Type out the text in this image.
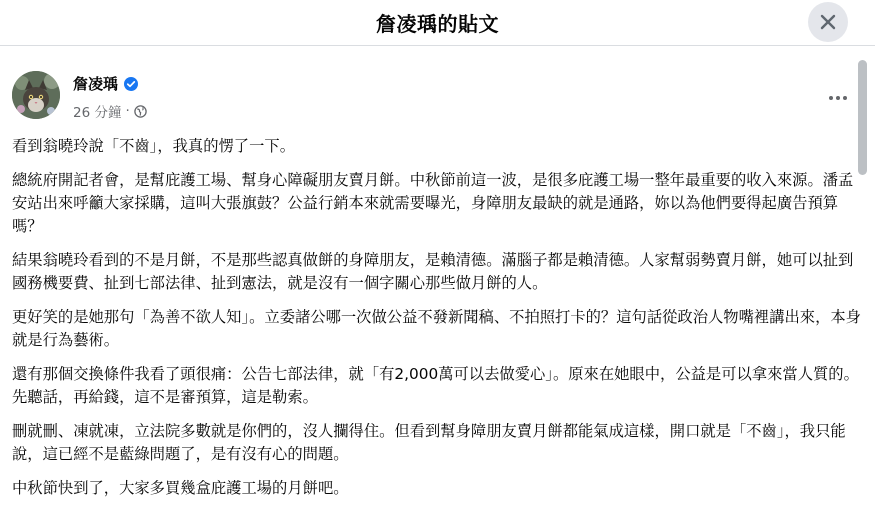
詹凌瑀的貼文
詹凌瑀
26 分鐘 ·

看到翁曉玲說「不齒」，我真的愣了一下。

總統府開記者會，是幫庇護工場、幫身心障礙朋友賣月餅。中秋節前這一波，是很多庇護工場一整年最重要的收入來源。潘孟安站出來呼籲大家採購，這叫大張旗鼓？公益行銷本來就需要曝光，身障朋友最缺的就是通路，妳以為他們要得起廣告預算嗎？

結果翁曉玲看到的不是月餅，不是那些認真做餅的身障朋友，是賴清德。滿腦子都是賴清德。人家幫弱勢賣月餅，她可以扯到國務機要費、扯到七部法律、扯到憲法，就是沒有一個字關心那些做月餅的人。

更好笑的是她那句「為善不欲人知」。立委諸公哪一次做公益不發新聞稿、不拍照打卡的？這句話從政治人物嘴裡講出來，本身就是行為藝術。

還有那個交換條件我看了頭很痛：公告七部法律，就「有2,000萬可以去做愛心」。原來在她眼中，公益是可以拿來當人質的。先聽話，再給錢，這不是審預算，這是勒索。

刪就刪、凍就凍，立法院多數就是你們的，沒人攔得住。但看到幫身障朋友賣月餅都能氣成這樣，開口就是「不齒」，我只能說，這已經不是藍綠問題了，是有沒有心的問題。

中秋節快到了，大家多買幾盒庇護工場的月餅吧。
